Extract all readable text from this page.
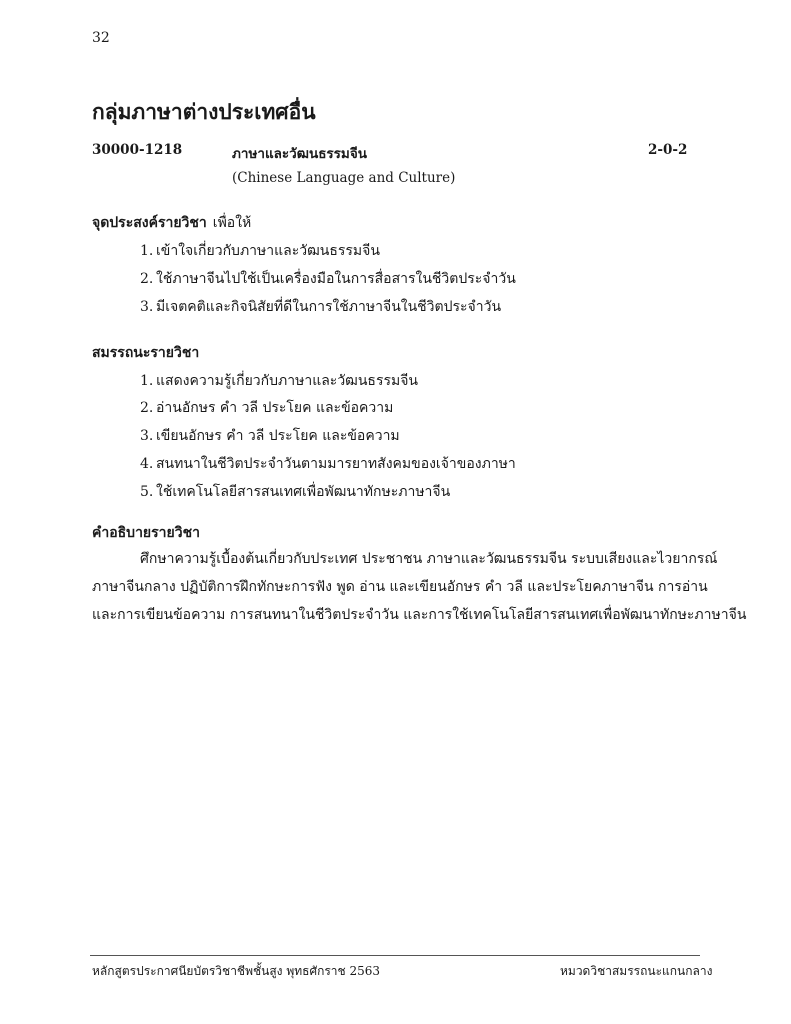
32
กลุ่มภาษาต่างประเทศอื่น
30000-1218	ภาษาและวัฒนธรรมจีน	2-0-2
(Chinese Language and Culture)
จุดประสงค์รายวิชา เพื่อให้
1. เข้าใจเกี่ยวกับภาษาและวัฒนธรรมจีน
2. ใช้ภาษาจีนไปใช้เป็นเครื่องมือในการสื่อสารในชีวิตประจำวัน
3. มีเจตคติและกิจนิสัยที่ดีในการใช้ภาษาจีนในชีวิตประจำวัน
สมรรถนะรายวิชา
1. แสดงความรู้เกี่ยวกับภาษาและวัฒนธรรมจีน
2. อ่านอักษร คำ วลี ประโยค และข้อความ
3. เขียนอักษร คำ วลี ประโยค และข้อความ
4. สนทนาในชีวิตประจำวันตามมารยาทสังคมของเจ้าของภาษา
5. ใช้เทคโนโลยีสารสนเทศเพื่อพัฒนาทักษะภาษาจีน
คำอธิบายรายวิชา
ศึกษาความรู้เบื้องต้นเกี่ยวกับประเทศ ประชาชน ภาษาและวัฒนธรรมจีน ระบบเสียงและไวยากรณ์
ภาษาจีนกลาง ปฏิบัติการฝึกทักษะการฟัง พูด อ่าน และเขียนอักษร คำ วลี และประโยคภาษาจีน การอ่าน
และการเขียนข้อความ การสนทนาในชีวิตประจำวัน และการใช้เทคโนโลยีสารสนเทศเพื่อพัฒนาทักษะภาษาจีน
หลักสูตรประกาศนียบัตรวิชาชีพชั้นสูง พุทธศักราช 2563	หมวดวิชาสมรรถนะแกนกลาง
